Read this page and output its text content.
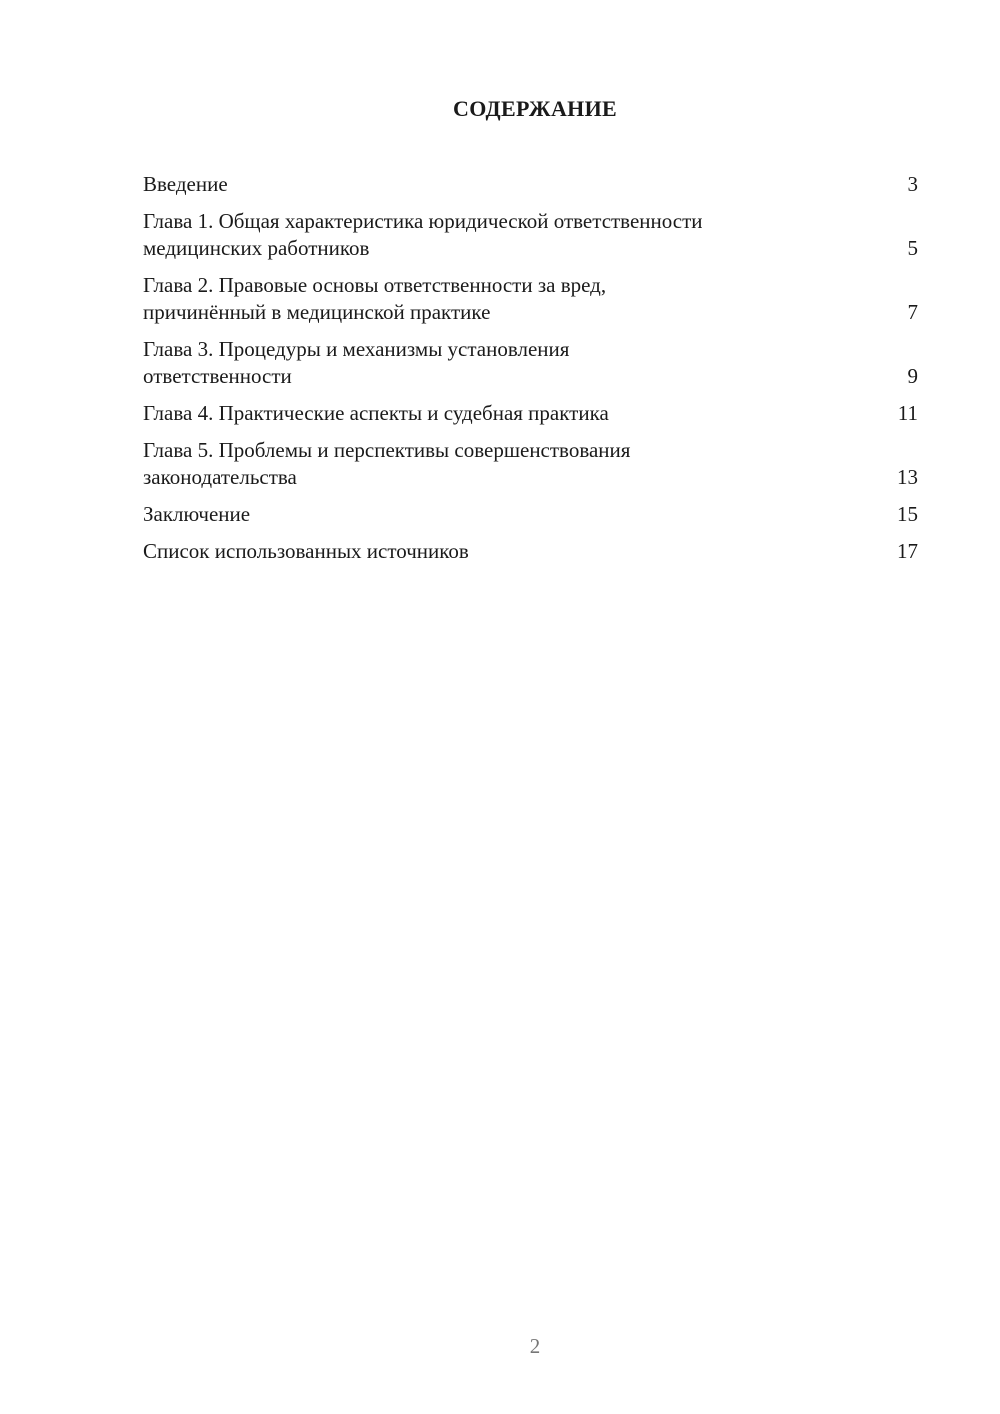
СОДЕРЖАНИЕ
Введение	3
Глава 1. Общая характеристика юридической ответственности
медицинских работников	5
Глава 2. Правовые основы ответственности за вред,
причинённый в медицинской практике	7
Глава 3. Процедуры и механизмы установления
ответственности	9
Глава 4. Практические аспекты и судебная практика	11
Глава 5. Проблемы и перспективы совершенствования
законодательства	13
Заключение	15
Список использованных источников	17
2
